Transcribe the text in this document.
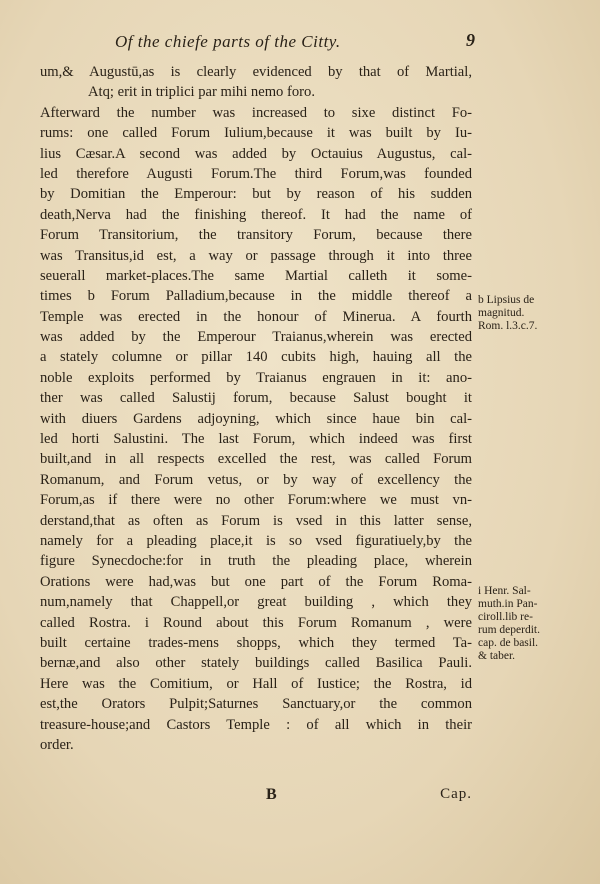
Of the chiefe parts of the Citty.	9
um,& Augustū,as is clearly evidenced by that of Martial,
Atq; erit in triplici par mihi nemo foro.
Afterward the number was increased to sixe distinct Fo-
rums: one called Forum Iulium,because it was built by Iu-
lius Cæsar.A second was added by Octauius Augustus, cal-
led therefore Augusti Forum.The third Forum,was founded
by Domitian the Emperour: but by reason of his sudden
death,Nerva had the finishing thereof. It had the name of
Forum Transitorium, the transitory Forum, because there
was Transitus,id est, a way or passage through it into three
seuerall market-places.The same Martial calleth it some-
times b Forum Palladium,because in the middle thereof a
Temple was erected in the honour of Minerua. A fourth
was added by the Emperour Traianus,wherein was erected
a stately columne or pillar 140 cubits high, hauing all the
noble exploits performed by Traianus engrauen in it: ano-
ther was called Salustij forum, because Salust bought it
with diuers Gardens adjoyning, which since haue bin cal-
led horti Salustini. The last Forum, which indeed was first
built,and in all respects excelled the rest, was called Forum
Romanum, and Forum vetus, or by way of excellency the
Forum,as if there were no other Forum:where we must vn-
derstand,that as often as Forum is vsed in this latter sense,
namely for a pleading place,it is so vsed figuratiuely,by the
figure Synecdoche:for in truth the pleading place, wherein
Orations were had,was but one part of the Forum Roma-
num,namely that Chappell,or great building , which they
called Rostra. i Round about this Forum Romanum , were
built certaine trades-mens shopps, which they termed Ta-
bernæ,and also other stately buildings called Basilica Pauli.
Here was the Comitium, or Hall of Iustice; the Rostra, id
est,the Orators Pulpit;Saturnes Sanctuary,or the common
treasure-house;and Castors Temple : of all which in their
order.
b Lipsius de
magnitud.
Rom. l.3.c.7.
i Henr. Sal-
muth.in Pan-
ciroll.lib re-
rum deperdit.
cap. de basil.
& taber.
B	Cap.
